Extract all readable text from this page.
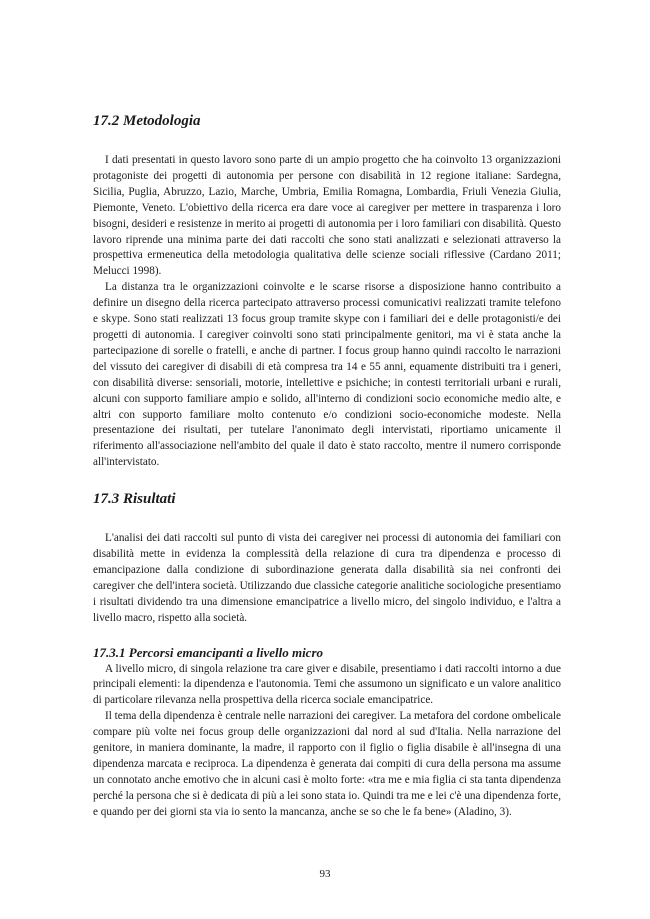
17.2 Metodologia

I dati presentati in questo lavoro sono parte di un ampio progetto che ha coinvolto 13 organizzazioni protagoniste dei progetti di autonomia per persone con disabilità in 12 regione italiane: Sardegna, Sicilia, Puglia, Abruzzo, Lazio, Marche, Umbria, Emilia Romagna, Lombardia, Friuli Venezia Giulia, Piemonte, Veneto. L'obiettivo della ricerca era dare voce ai caregiver per mettere in trasparenza i loro bisogni, desideri e resistenze in merito ai progetti di autonomia per i loro familiari con disabilità. Questo lavoro riprende una minima parte dei dati raccolti che sono stati analizzati e selezionati attraverso la prospettiva ermeneutica della metodologia qualitativa delle scienze sociali riflessive (Cardano 2011; Melucci 1998).

La distanza tra le organizzazioni coinvolte e le scarse risorse a disposizione hanno contribuito a definire un disegno della ricerca partecipato attraverso processi comunicativi realizzati tramite telefono e skype. Sono stati realizzati 13 focus group tramite skype con i familiari dei e delle protagonisti/e dei progetti di autonomia. I caregiver coinvolti sono stati principalmente genitori, ma vi è stata anche la partecipazione di sorelle o fratelli, e anche di partner. I focus group hanno quindi raccolto le narrazioni del vissuto dei caregiver di disabili di età compresa tra 14 e 55 anni, equamente distribuiti tra i generi, con disabilità diverse: sensoriali, motorie, intellettive e psichiche; in contesti territoriali urbani e rurali, alcuni con supporto familiare ampio e solido, all'interno di condizioni socio economiche medio alte, e altri con supporto familiare molto contenuto e/o condizioni socio-economiche modeste. Nella presentazione dei risultati, per tutelare l'anonimato degli intervistati, riportiamo unicamente il riferimento all'associazione nell'ambito del quale il dato è stato raccolto, mentre il numero corrisponde all'intervistato.

17.3 Risultati

L'analisi dei dati raccolti sul punto di vista dei caregiver nei processi di autonomia dei familiari con disabilità mette in evidenza la complessità della relazione di cura tra dipendenza e processo di emancipazione dalla condizione di subordinazione generata dalla disabilità sia nei confronti dei caregiver che dell'intera società. Utilizzando due classiche categorie analitiche sociologiche presentiamo i risultati dividendo tra una dimensione emancipatrice a livello micro, del singolo individuo, e l'altra a livello macro, rispetto alla società.

17.3.1 Percorsi emancipanti a livello micro

A livello micro, di singola relazione tra care giver e disabile, presentiamo i dati raccolti intorno a due principali elementi: la dipendenza e l'autonomia. Temi che assumono un significato e un valore analitico di particolare rilevanza nella prospettiva della ricerca sociale emancipatrice.

Il tema della dipendenza è centrale nelle narrazioni dei caregiver. La metafora del cordone ombelicale compare più volte nei focus group delle organizzazioni dal nord al sud d'Italia. Nella narrazione del genitore, in maniera dominante, la madre, il rapporto con il figlio o figlia disabile è all'insegna di una dipendenza marcata e reciproca. La dipendenza è generata dai compiti di cura della persona ma assume un connotato anche emotivo che in alcuni casi è molto forte: «tra me e mia figlia ci sta tanta dipendenza perché la persona che si è dedicata di più a lei sono stata io. Quindi tra me e lei c'è una dipendenza forte, e quando per dei giorni sta via io sento la mancanza, anche se so che le fa bene» (Aladino, 3).

93
